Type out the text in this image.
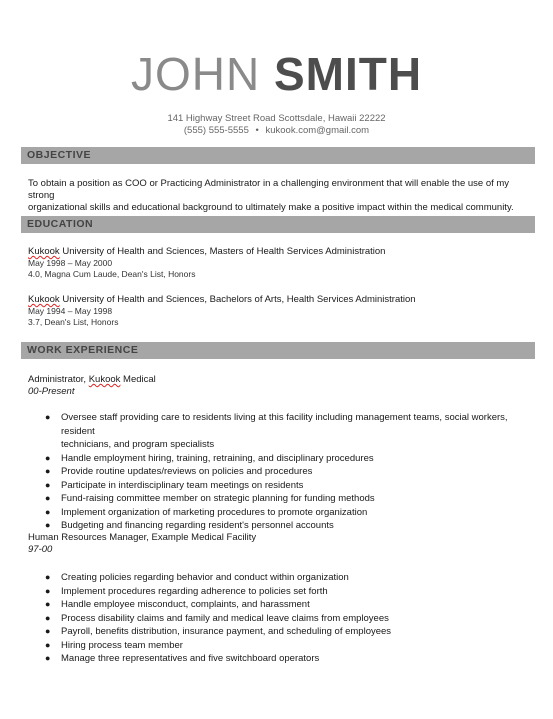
JOHN SMITH
141 Highway Street Road Scottsdale, Hawaii 22222
(555) 555-5555 • kukook.com@gmail.com
OBJECTIVE
To obtain a position as COO or Practicing Administrator in a challenging environment that will enable the use of my strong
organizational skills and educational background to ultimately make a positive impact within the medical community.
EDUCATION
Kukook University of Health and Sciences, Masters of Health Services Administration
May 1998 – May 2000
4.0, Magna Cum Laude, Dean's List, Honors
Kukook University of Health and Sciences, Bachelors of Arts, Health Services Administration
May 1994 – May 1998
3.7, Dean's List, Honors
WORK EXPERIENCE
Administrator, Kukook Medical
00-Present
● Oversee staff providing care to residents living at this facility including management teams, social workers, resident
technicians, and program specialists
● Handle employment hiring, training, retraining, and disciplinary procedures
● Provide routine updates/reviews on policies and procedures
● Participate in interdisciplinary team meetings on residents
● Fund-raising committee member on strategic planning for funding methods
● Implement organization of marketing procedures to promote organization
● Budgeting and financing regarding resident's personnel accounts
Human Resources Manager, Example Medical Facility
97-00
● Creating policies regarding behavior and conduct within organization
● Implement procedures regarding adherence to policies set forth
● Handle employee misconduct, complaints, and harassment
● Process disability claims and family and medical leave claims from employees
● Payroll, benefits distribution, insurance payment, and scheduling of employees
● Hiring process team member
● Manage three representatives and five switchboard operators
